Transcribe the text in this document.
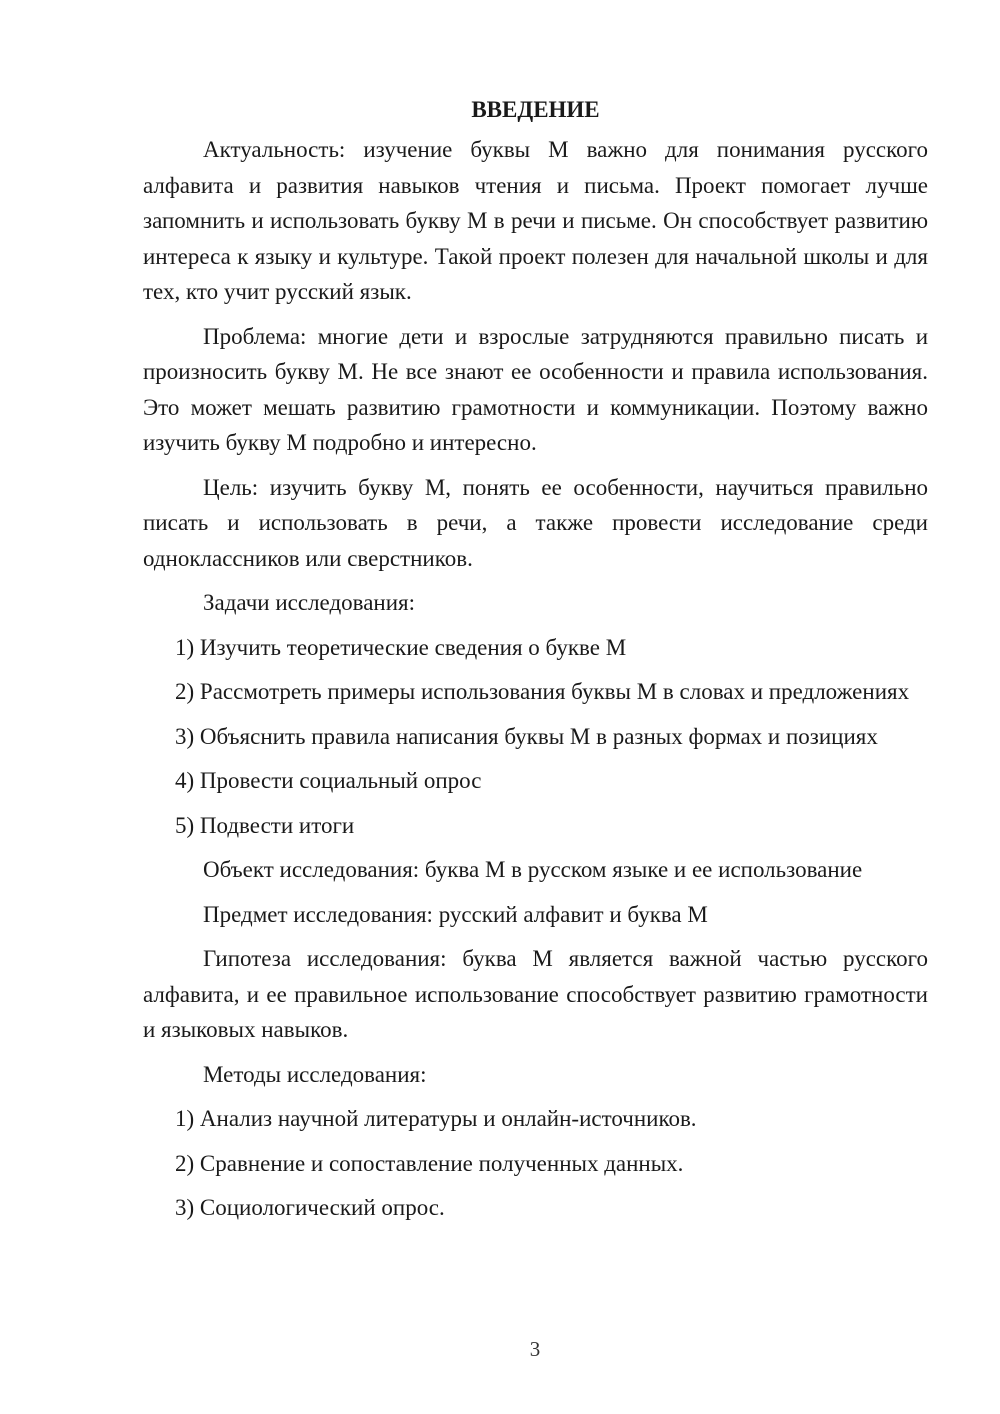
ВВЕДЕНИЕ

Актуальность: изучение буквы М важно для понимания русского алфавита и развития навыков чтения и письма. Проект помогает лучше запомнить и использовать букву М в речи и письме. Он способствует развитию интереса к языку и культуре. Такой проект полезен для начальной школы и для тех, кто учит русский язык.

Проблема: многие дети и взрослые затрудняются правильно писать и произносить букву М. Не все знают ее особенности и правила использования. Это может мешать развитию грамотности и коммуникации. Поэтому важно изучить букву М подробно и интересно.

Цель: изучить букву М, понять ее особенности, научиться правильно писать и использовать в речи, а также провести исследование среди одноклассников или сверстников.

Задачи исследования:

1) Изучить теоретические сведения о букве М

2) Рассмотреть примеры использования буквы М в словах и предложениях

3) Объяснить правила написания буквы М в разных формах и позициях

4) Провести социальный опрос

5) Подвести итоги

Объект исследования: буква М в русском языке и ее использование

Предмет исследования: русский алфавит и буква М

Гипотеза исследования: буква М является важной частью русского алфавита, и ее правильное использование способствует развитию грамотности и языковых навыков.

Методы исследования:

1) Анализ научной литературы и онлайн-источников.

2) Сравнение и сопоставление полученных данных.

3) Социологический опрос.

3
